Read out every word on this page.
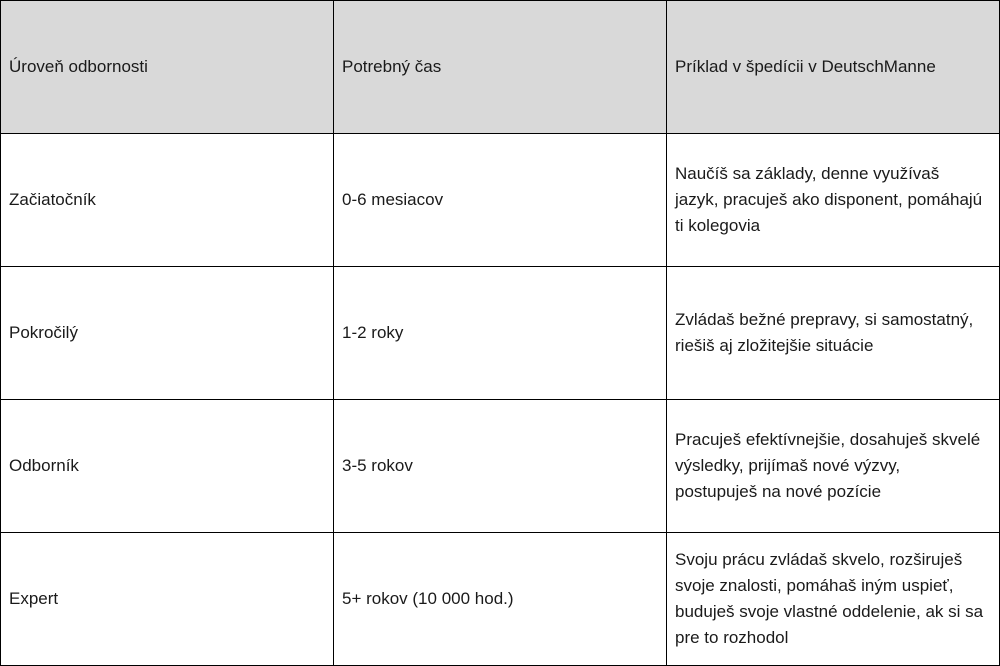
Úroveň odbornosti	Potrebný čas	Príklad v špedícii v DeutschManne
Začiatočník	0-6 mesiacov	Naučíš sa základy, denne využívaš jazyk, pracuješ ako disponent, pomáhajú ti kolegovia
Pokročilý	1-2 roky	Zvládaš bežné prepravy, si samostatný, riešiš aj zložitejšie situácie
Odborník	3-5 rokov	Pracuješ efektívnejšie, dosahuješ skvelé výsledky, prijímaš nové výzvy, postupuješ na nové pozície
Expert	5+ rokov (10 000 hod.)	Svoju prácu zvládaš skvelo, rozširuješ svoje znalosti, pomáhaš iným uspieť, buduješ svoje vlastné oddelenie, ak si sa pre to rozhodol
